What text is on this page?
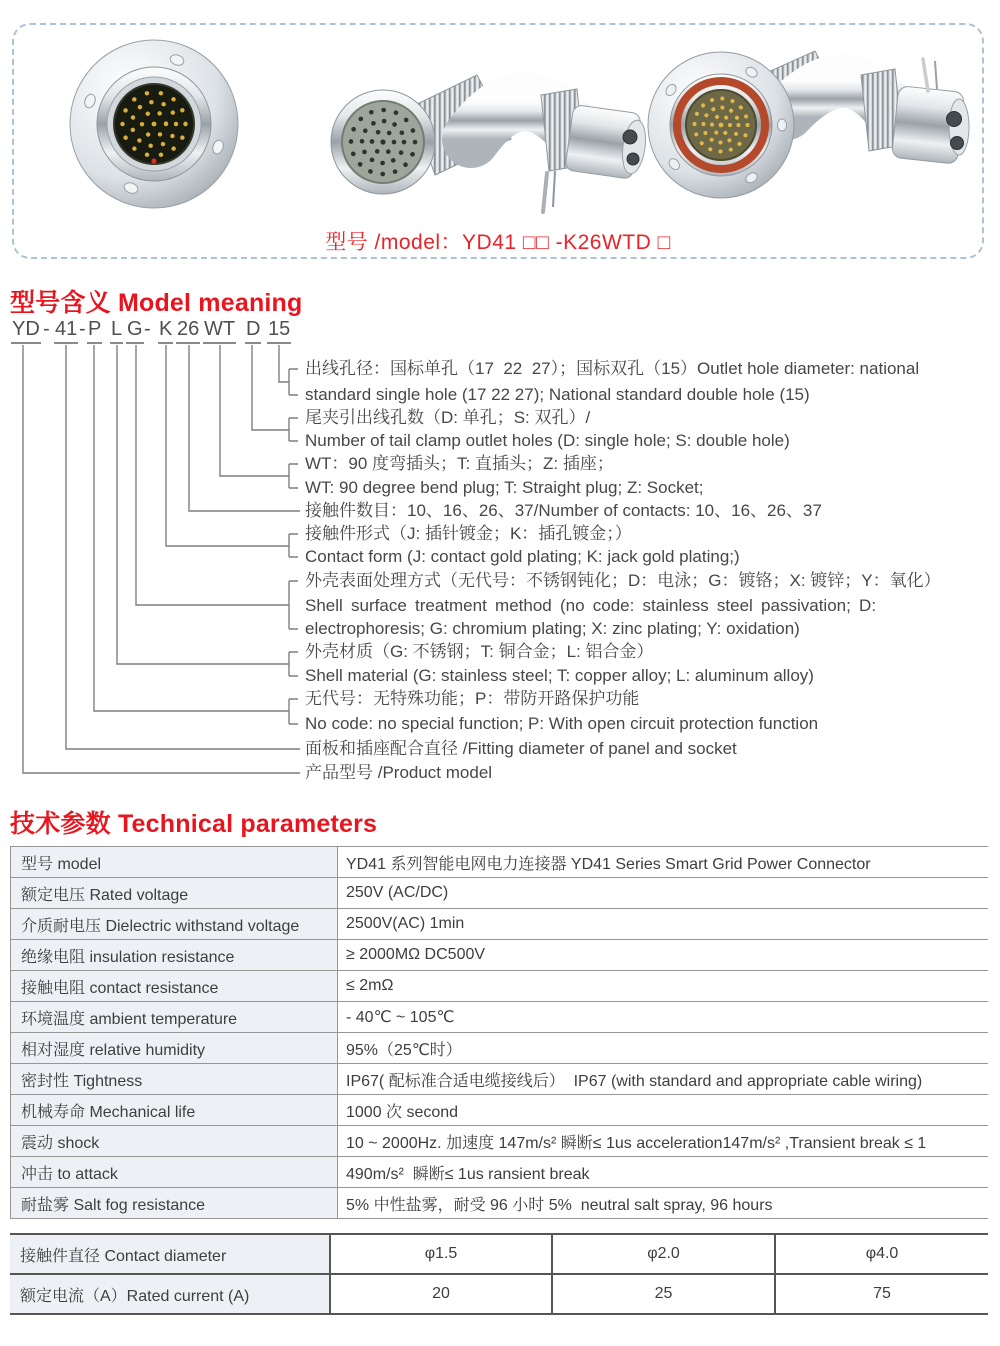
型号 /model：YD41 □□ -K26WTD □
型号含义 Model meaning
YD - 41 - P L G - K 26 WT D 15
出线孔径：国标单孔（17  22  27）；国标双孔（15）Outlet hole diameter: national
standard single hole (17 22 27); National standard double hole (15)
尾夹引出线孔数（D: 单孔；S: 双孔）/
Number of tail clamp outlet holes (D: single hole; S: double hole)
WT：90 度弯插头；T: 直插头；Z: 插座；
WT: 90 degree bend plug; T: Straight plug; Z: Socket;
接触件数目：10、16、26、37/Number of contacts: 10、16、26、37
接触件形式（J: 插针镀金；K：插孔镀金；）
Contact form (J: contact gold plating; K: jack gold plating;)
外壳表面处理方式（无代号：不锈钢钝化；D：电泳；G：镀铬；X: 镀锌；Y：氧化）
Shell surface treatment method (no code: stainless steel passivation; D:
electrophoresis; G: chromium plating; X: zinc plating; Y: oxidation)
外壳材质（G: 不锈钢；T: 铜合金；L: 铝合金）
Shell material (G: stainless steel; T: copper alloy; L: aluminum alloy)
无代号：无特殊功能；P：带防开路保护功能
No code: no special function; P: With open circuit protection function
面板和插座配合直径 /Fitting diameter of panel and socket
产品型号 /Product model
技术参数 Technical parameters
型号 model	YD41 系列智能电网电力连接器 YD41 Series Smart Grid Power Connector
额定电压 Rated voltage	250V (AC/DC)
介质耐电压 Dielectric withstand voltage	2500V(AC) 1min
绝缘电阻 insulation resistance	≥ 2000MΩ DC500V
接触电阻 contact resistance	≤ 2mΩ
环境温度 ambient temperature	- 40℃ ~ 105℃
相对湿度 relative humidity	95%（25℃时）
密封性 Tightness	IP67( 配标准合适电缆接线后）  IP67 (with standard and appropriate cable wiring)
机械寿命 Mechanical life	1000 次 second
震动 shock	10 ~ 2000Hz. 加速度 147m/s² 瞬断≤ 1us acceleration147m/s² ,Transient break ≤ 1
冲击 to attack	490m/s²  瞬断≤ 1us ransient break
耐盐雾 Salt fog resistance	5% 中性盐雾，耐受 96 小时 5%  neutral salt spray, 96 hours
接触件直径 Contact diameter	φ1.5	φ2.0	φ4.0
额定电流（A）Rated current (A)	20	25	75
